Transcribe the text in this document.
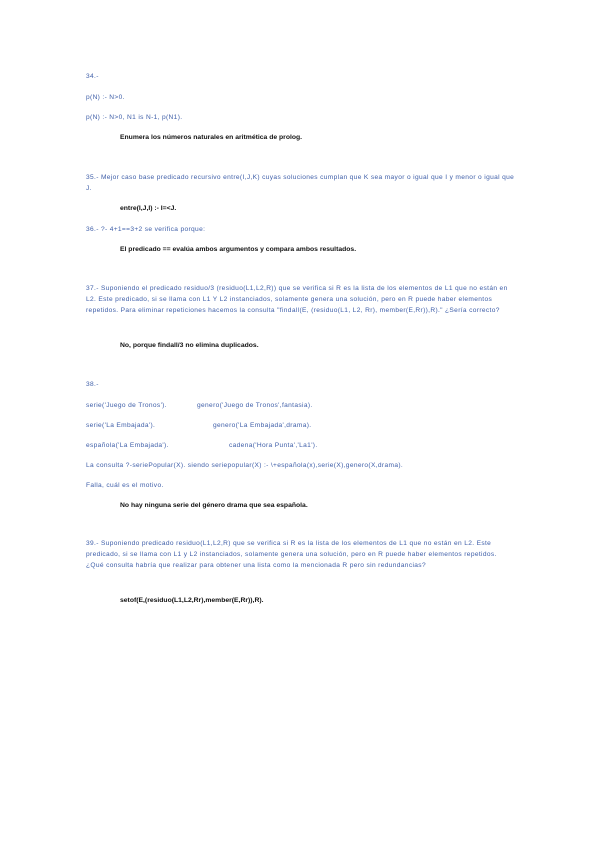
34.-

p(N) :- N>0.

p(N) :- N>0, N1 is N-1, p(N1).

Enumera los números naturales en aritmética de prolog.

35.- Mejor caso base predicado recursivo entre(I,J,K) cuyas soluciones cumplan que K sea mayor o igual que I y menor o igual que J.

entre(I,J,I) :- I=<J.

36.- ?- 4+1==3+2 se verifica porque:

El predicado == evalúa ambos argumentos y compara ambos resultados.

37.- Suponiendo el predicado residuo/3 (residuo(L1,L2,R)) que se verifica si R es la lista de los elementos de L1 que no están en L2. Este predicado, si se llama con L1 Y L2 instanciados, solamente genera una solución, pero en R puede haber elementos repetidos. Para eliminar repeticiones hacemos la consulta "findall(E, (residuo(L1, L2, Rr), member(E,Rr)),R)." ¿Sería correcto?

No, porque findall/3 no elimina duplicados.

38.-

serie('Juego de Tronos').	genero('Juego de Tronos',fantasia).
serie('La Embajada').	genero('La Embajada',drama).
española('La Embajada').	cadena('Hora Punta','La1').

La consulta ?-seriePopular(X). siendo seriepopular(X) :- \+española(x),serie(X),genero(X,drama).

Falla, cuál es el motivo.

No hay ninguna serie del género drama que sea española.

39.- Suponiendo predicado residuo(L1,L2,R) que se verifica si R es la lista de los elementos de L1 que no están en L2. Este predicado, si se llama con L1 y L2 instanciados, solamente genera una solución, pero en R puede haber elementos repetidos. ¿Qué consulta habría que realizar para obtener una lista como la mencionada R pero sin redundancias?

setof(E,(residuo(L1,L2,Rr),member(E,Rr)),R).
